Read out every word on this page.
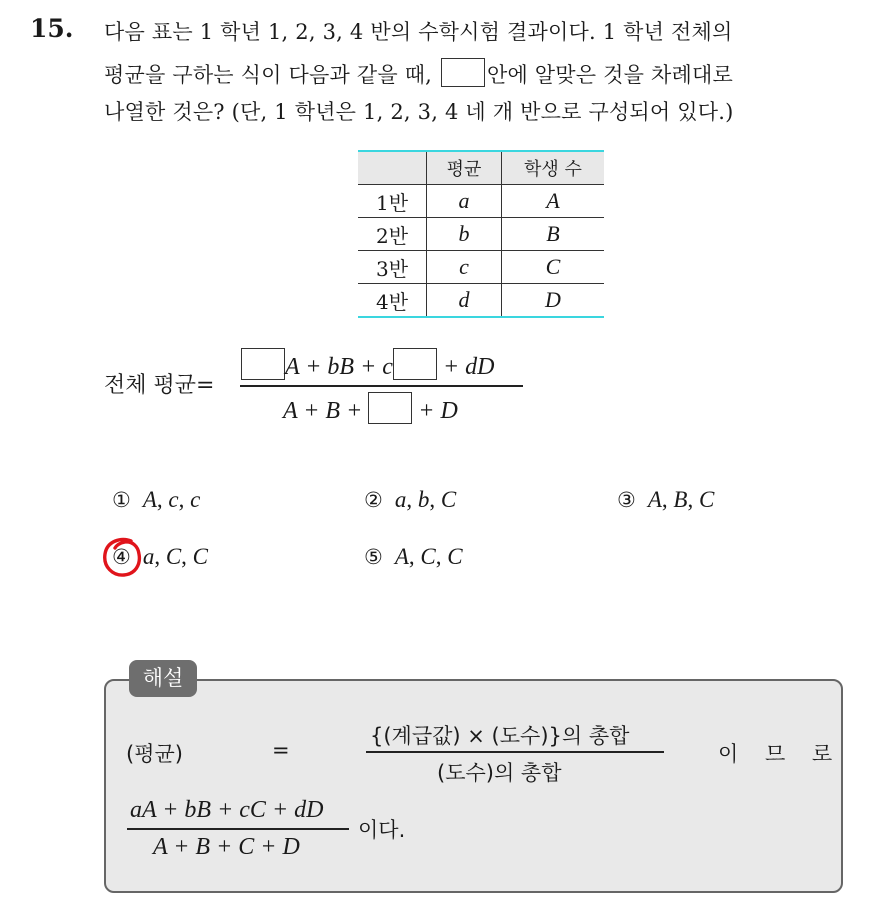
15. 다음 표는 1 학년 1, 2, 3, 4 반의 수학시험 결과이다. 1 학년 전체의
평균을 구하는 식이 다음과 같을 때,	안에 알맞은 것을 차례대로
나열한 것은? (단, 1 학년은 1, 2, 3, 4 네 개 반으로 구성되어 있다.)
	평균	학생 수
1반	a	A
2반	b	B
3반	c	C
4반	d	D
전체 평균=
A + bB + c + dD
A + B + + D
① A, c, c	② a, b, C	③ A, B, C
④ a, C, C	⑤ A, C, C
해설
(평균)	=
{(계급값) × (도수)}의 총합
(도수)의 총합
이 므 로
aA + bB + cC + dD
A + B + C + D
이다.
